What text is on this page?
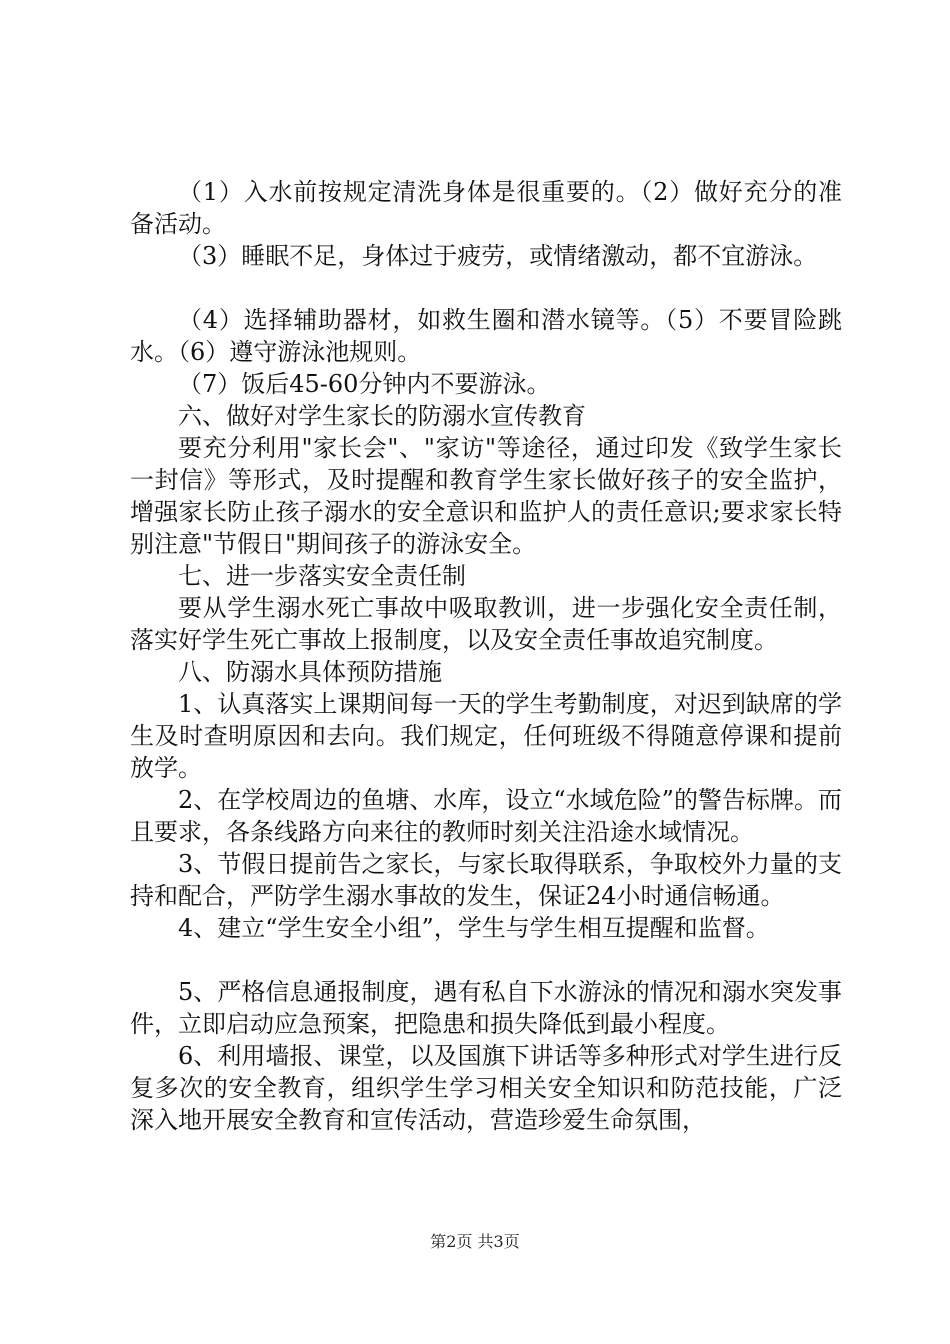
（1）入水前按规定清洗身体是很重要的。（2）做好充分的准备活动。

（3）睡眠不足，身体过于疲劳，或情绪激动，都不宜游泳。

（4）选择辅助器材，如救生圈和潜水镜等。（5）不要冒险跳水。（6）遵守游泳池规则。

（7）饭后45-60分钟内不要游泳。

六、做好对学生家长的防溺水宣传教育

要充分利用"家长会"、"家访"等途径，通过印发《致学生家长一封信》等形式，及时提醒和教育学生家长做好孩子的安全监护，增强家长防止孩子溺水的安全意识和监护人的责任意识;要求家长特别注意"节假日"期间孩子的游泳安全。

七、进一步落实安全责任制

要从学生溺水死亡事故中吸取教训，进一步强化安全责任制，落实好学生死亡事故上报制度，以及安全责任事故追究制度。

八、防溺水具体预防措施

1、认真落实上课期间每一天的学生考勤制度，对迟到缺席的学生及时查明原因和去向。我们规定，任何班级不得随意停课和提前放学。

2、在学校周边的鱼塘、水库，设立“水域危险”的警告标牌。而且要求，各条线路方向来往的教师时刻关注沿途水域情况。

3、节假日提前告之家长，与家长取得联系，争取校外力量的支持和配合，严防学生溺水事故的发生，保证24小时通信畅通。

4、建立“学生安全小组”，学生与学生相互提醒和监督。

5、严格信息通报制度，遇有私自下水游泳的情况和溺水突发事件，立即启动应急预案，把隐患和损失降低到最小程度。

6、利用墙报、课堂，以及国旗下讲话等多种形式对学生进行反复多次的安全教育，组织学生学习相关安全知识和防范技能，广泛深入地开展安全教育和宣传活动，营造珍爱生命氛围，

第2页 共3页
